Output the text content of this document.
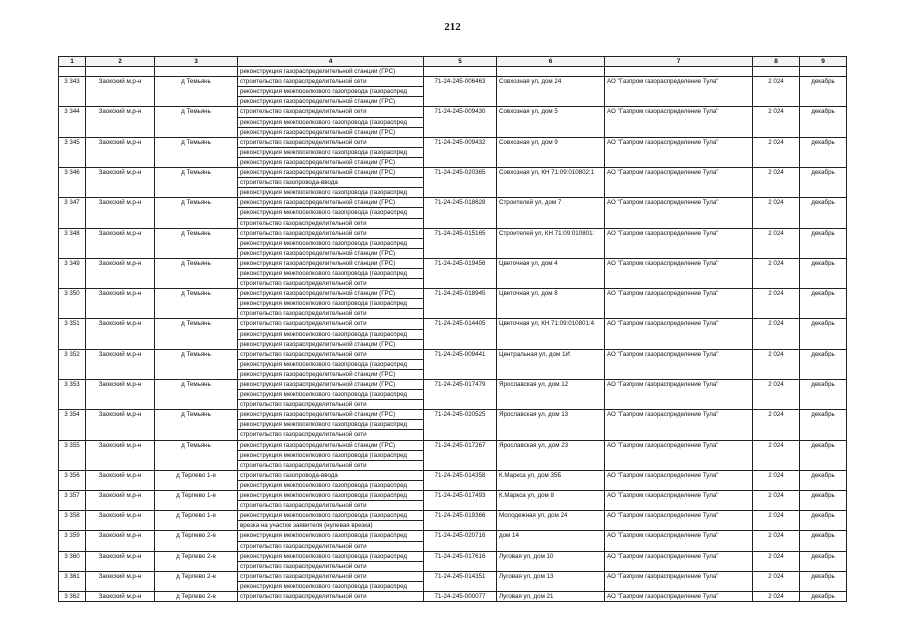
212
1	2	3	4	5	6	7	8	9
			реконструкция газораспределительной станции (ГРС)					
3 343	Заокский м.р-н	д Темьянь	строительство газораспределительной сети	71-24-245-006463	Совхозная ул, дом 24	АО "Газпром газораспределение Тула"	2 024	декабрь
			реконструкция межпоселкового газопровода (газораспред					
			реконструкция газораспределительной станции (ГРС)					
3 344	Заокский м.р-н	д Темьянь	строительство газораспределительной сети	71-24-245-009430	Совхозная ул, дом 5	АО "Газпром газораспределение Тула"	2 024	декабрь
			реконструкция межпоселкового газопровода (газораспред					
			реконструкция газораспределительной станции (ГРС)					
3 345	Заокский м.р-н	д Темьянь	строительство газораспределительной сети	71-24-245-009432	Совхозная ул, дом 9	АО "Газпром газораспределение Тула"	2 024	декабрь
			реконструкция межпоселкового газопровода (газораспред					
			реконструкция газораспределительной станции (ГРС)					
3 346	Заокский м.р-н	д Темьянь	реконструкция газораспределительной станции (ГРС)	71-24-245-020365	Совхозная ул, КН 71:09:010802:1	АО "Газпром газораспределение Тула"	2 024	декабрь
			строительство газопровода-ввода					
			реконструкция межпоселкового газопровода (газораспред					
3 347	Заокский м.р-н	д Темьянь	реконструкция газораспределительной станции (ГРС)	71-24-245-018628	Строителей ул, дом 7	АО "Газпром газораспределение Тула"	2 024	декабрь
			реконструкция межпоселкового газопровода (газораспред					
			строительство газораспределительной сети					
3 348	Заокский м.р-н	д Темьянь	строительство газораспределительной сети	71-24-245-015165	Строителей ул, КН 71:09:010801:	АО "Газпром газораспределение Тула"	2 024	декабрь
			реконструкция межпоселкового газопровода (газораспред					
			реконструкция газораспределительной станции (ГРС)					
3 349	Заокский м.р-н	д Темьянь	реконструкция газораспределительной станции (ГРС)	71-24-245-019456	Цветочная ул, дом 4	АО "Газпром газораспределение Тула"	2 024	декабрь
			реконструкция межпоселкового газопровода (газораспред					
			строительство газораспределительной сети					
3 350	Заокский м.р-н	д Темьянь	реконструкция газораспределительной станции (ГРС)	71-24-245-018945	Цветочная ул, дом 8	АО "Газпром газораспределение Тула"	2 024	декабрь
			реконструкция межпоселкового газопровода (газораспред					
			строительство газораспределительной сети					
3 351	Заокский м.р-н	д Темьянь	строительство газораспределительной сети	71-24-245-014405	Цветочная ул, КН 71:09:010801:4	АО "Газпром газораспределение Тула"	2 024	декабрь
			реконструкция межпоселкового газопровода (газораспред					
			реконструкция газораспределительной станции (ГРС)					
3 352	Заокский м.р-н	д Темьянь	строительство газораспределительной сети	71-24-245-009441	Центральная ул, дом 1И	АО "Газпром газораспределение Тула"	2 024	декабрь
			реконструкция межпоселкового газопровода (газораспред					
			реконструкция газораспределительной станции (ГРС)					
3 353	Заокский м.р-н	д Темьянь	реконструкция газораспределительной станции (ГРС)	71-24-245-017479	Ярославская ул, дом 12	АО "Газпром газораспределение Тула"	2 024	декабрь
			реконструкция межпоселкового газопровода (газораспред					
			строительство газораспределительной сети					
3 354	Заокский м.р-н	д Темьянь	реконструкция газораспределительной станции (ГРС)	71-24-245-020525	Ярославская ул, дом 13	АО "Газпром газораспределение Тула"	2 024	декабрь
			реконструкция межпоселкового газопровода (газораспред					
			строительство газораспределительной сети					
3 355	Заокский м.р-н	д Темьянь	реконструкция газораспределительной станции (ГРС)	71-24-245-017267	Ярославская ул, дом 23	АО "Газпром газораспределение Тула"	2 024	декабрь
			реконструкция межпоселкового газопровода (газораспред					
			строительство газораспределительной сети					
3 356	Заокский м.р-н	д Терлево 1-е	строительство газопровода-ввода	71-24-245-014358	К.Маркса ул, дом 35Б	АО "Газпром газораспределение Тула"	2 024	декабрь
			реконструкция межпоселкового газопровода (газораспред					
3 357	Заокский м.р-н	д Терлево 1-е	реконструкция межпоселкового газопровода (газораспред	71-24-245-017493	К.Маркса ул, дом 8	АО "Газпром газораспределение Тула"	2 024	декабрь
			строительство газораспределительной сети					
3 358	Заокский м.р-н	д Терлево 1-е	реконструкция межпоселкового газопровода (газораспред	71-24-245-019366	Молодежная ул, дом 24	АО "Газпром газораспределение Тула"	2 024	декабрь
			врезка на участке заявителя (нулевая врезка)					
3 359	Заокский м.р-н	д Терлево 2-е	реконструкция межпоселкового газопровода (газораспред	71-24-245-020716	дом 14	АО "Газпром газораспределение Тула"	2 024	декабрь
			строительство газораспределительной сети					
3 360	Заокский м.р-н	д Терлево 2-е	реконструкция межпоселкового газопровода (газораспред	71-24-245-017616	Луговая ул, дом 10	АО "Газпром газораспределение Тула"	2 024	декабрь
			строительство газораспределительной сети					
3 361	Заокский м.р-н	д Терлево 2-е	строительство газораспределительной сети	71-24-245-014351	Луговая ул, дом 13	АО "Газпром газораспределение Тула"	2 024	декабрь
			реконструкция межпоселкового газопровода (газораспред					
3 362	Заокский м.р-н	д Терлево 2-е	строительство газораспределительной сети	71-24-245-000077	Луговая ул, дом 21	АО "Газпром газораспределение Тула"	2 024	декабрь
